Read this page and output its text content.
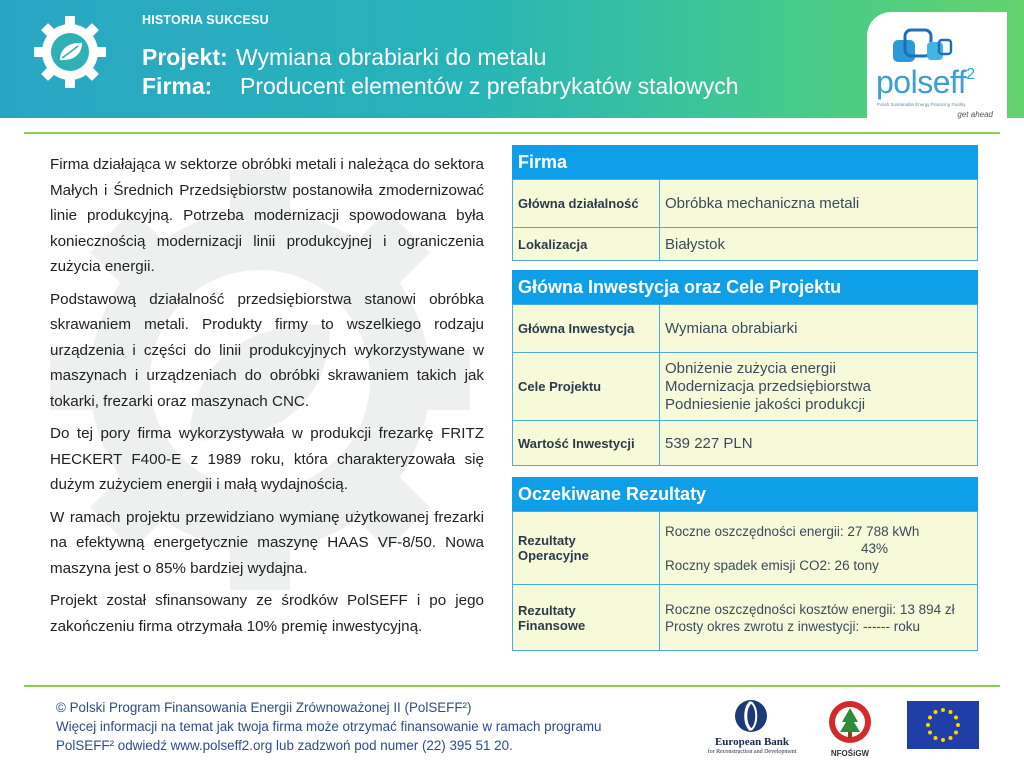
HISTORIA SUKCESU
Projekt: Wymiana obrabiarki do metalu
Firma: Producent elementów z prefabrykatów stalowych	polseff$^2$
Polish Sustainable Energy Financing Facility
get ahead

Firma działająca w sektorze obróbki metali i należąca do sektora Małych i Średnich Przedsiębiorstw postanowiła zmodernizować linie produkcyjną. Potrzeba modernizacji spowodowana była koniecznością modernizacji linii produkcyjnej i ograniczenia zużycia energii.

Podstawową działalność przedsiębiorstwa stanowi obróbka skrawaniem metali. Produkty firmy to wszelkiego rodzaju urządzenia i części do linii produkcyjnych wykorzystywane w maszynach i urządzeniach do obróbki skrawaniem takich jak tokarki, frezarki oraz maszynach CNC.

Do tej pory firma wykorzystywała w produkcji frezarkę FRITZ HECKERT F400-E z 1989 roku, która charakteryzowała się dużym zużyciem energii i małą wydajnością.

W ramach projektu przewidziano wymianę użytkowanej frezarki na efektywną energetycznie maszynę HAAS VF-8/50. Nowa maszyna jest o 85% bardziej wydajna.

Projekt został sfinansowany ze środków PolSEFF i po jego zakończeniu firma otrzymała 10% premię inwestycyjną.

Firma
Główna działalność	Obróbka mechaniczna metali
Lokalizacja	Białystok
Główna Inwestycja oraz Cele Projektu
Główna Inwestycja	Wymiana obrabiarki
Cele Projektu	Obniżenie zużycia energii
Modernizacja przedsiębiorstwa
Podniesienie jakości produkcji

Wartość Inwestycji	539 227 PLN
Oczekiwane Rezultaty
Rezultaty
Operacyjne	Roczne oszczędności energii: 27 788 kWh
43%
Roczny spadek emisji CO2: 26 tony

Rezultaty
Finansowe	Roczne oszczędności kosztów energii: 13 894 zł
Prosty okres zwrotu z inwestycji: ------ roku
© Polski Program Finansowania Energii Zrównoważonej II (PolSEFF²)
Więcej informacji na temat jak twoja firma może otrzymać finansowanie w ramach programu
PolSEFF² odwiedź www.polseff2.org lub zadzwoń pod numer (22) 395 51 20.	European Bank
for Reconstruction and Development	NFOŚiGW
